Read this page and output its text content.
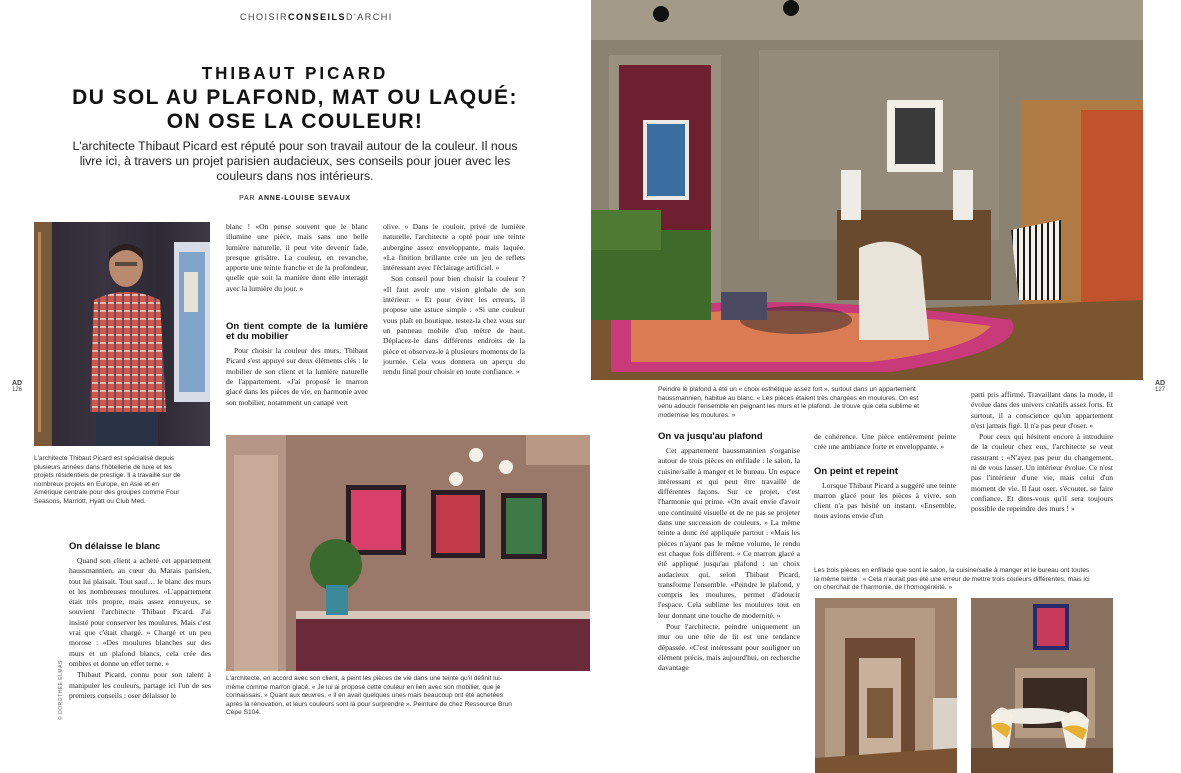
CHOISIRCONSEILSD'ARCHI
THIBAUT PICARD
DU SOL AU PLAFOND, MAT OU LAQUÉ:
ON OSE LA COULEUR!
L'architecte Thibaut Picard est réputé pour son travail autour de la couleur. Il nous livre ici, à travers un projet parisien audacieux, ses conseils pour jouer avec les couleurs dans nos intérieurs.
PAR ANNE-LOUISE SEVAUX
L'architecte Thibaut Picard est spécialisé depuis plusieurs années dans l'hôtellerie de luxe et les projets résidentiels de prestige. Il a travaillé sur de nombreux projets en Europe, en Asie et en Amérique centrale pour des groupes comme Four Seasons, Marriott, Hyatt ou Club Med.
On délaisse le blanc

Quand son client a acheté cet appartement haussmannien, au cœur du Marais parisien, tout lui plaisait. Tout sauf… le blanc des murs et les nombreuses moulures. «L'appartement était très propre, mais assez ennuyeux, se souvient l'architecte Thibaut Picard. J'ai insisté pour conserver les moulures. Mais c'est vrai que c'était chargé. » Chargé et un peu morose : «Des moulures blanches sur des murs et un plafond blancs, cela crée des ombres et donne un effet terne. »

Thibaut Picard, connu pour son talent à manipuler les couleurs, partage ici l'un de ses premiers conseils : oser délaisser le

blanc ! «On pense souvent que le blanc illumine une pièce, mais sans une belle lumière naturelle, il peut vite devenir fade, presque grisâtre. La couleur, en revanche, apporte une teinte franche et de la profondeur, quelle que soit la manière dont elle interagit avec la lumière du jour. »

On tient compte de la lumière et du mobilier

Pour choisir la couleur des murs, Thibaut Picard s'est appuyé sur deux éléments clés : le mobilier de son client et la lumière naturelle de l'appartement. «J'ai proposé le marron glacé dans les pièces de vie, en harmonie avec son mobilier, notamment un canapé vert

olive. » Dans le couloir, privé de lumière naturelle, l'architecte a opté pour une teinte aubergine assez enveloppante, mais laquée. «La finition brillante crée un jeu de reflets intéressant avec l'éclairage artificiel. »

Son conseil pour bien choisir la couleur ? «Il faut avoir une vision globale de son intérieur. » Et pour éviter les erreurs, il propose une astuce simple : «Si une couleur vous plaît en boutique, testez-la chez vous sur un panneau mobile d'un mètre de haut. Déplacez-le dans différents endroits de la pièce et observez-le à plusieurs moments de la journée. Cela vous donnera un aperçu du rendu final pour choisir en toute confiance. »

L'architecte, en accord avec son client, a peint les pièces de vie dans une teinte qu'il définit lui-même comme marron glacé. « Je lui ai proposé cette couleur en lien avec son mobilier, que je connaissais. » Quant aux œuvres, « il en avait quelques unes mais beaucoup ont été achetées après la rénovation, et leurs couleurs sont là pour surprendre ». Peinture de chez Ressource Brun Cèpe S104.
AD
126
© DOROTHÉE ELMAS
Peindre le plafond a été un « choix esthétique assez fort », surtout dans un appartement haussmannien, habitué au blanc. « Les pièces étaient très chargées en moulures. On est venu adoucir l'ensemble en peignant les murs et le plafond. Je trouve que cela sublime et modernise les moulures. »
On va jusqu'au plafond

Cet appartement haussmannien s'organise autour de trois pièces en enfilade : le salon, la cuisine/salle à manger et le bureau. Un espace intéressant et qui peut être travaillé de différentes façons. Sur ce projet, c'est l'harmonie qui prime. «On avait envie d'avoir une continuité visuelle et de ne pas se projeter dans une succession de couleurs. » La même teinte a donc été appliquée partout : «Mais les pièces n'ayant pas le même volume, le rendu est chaque fois différent. » Ce marron glacé a été appliqué jusqu'au plafond : un choix audacieux qui, selon Thibaut Picard, transforme l'ensemble. «Peindre le plafond, y compris les moulures, permet d'adoucir l'espace. Cela sublime les moulures tout en leur donnant une touche de modernité. »

Pour l'architecte, peindre uniquement un mur ou une tête de lit est une tendance dépassée. «C'est intéressant pour souligner un élément précis, mais aujourd'hui, on recherche davantage

de cohérence. Une pièce entièrement peinte crée une ambiance forte et enveloppante. »

On peint et repeint

Lorsque Thibaut Picard a suggéré une teinte marron glacé pour les pièces à vivre, son client n'a pas hésité un instant. «Ensemble, nous avions envie d'un

parti pris affirmé. Travaillant dans la mode, il évolue dans des univers créatifs assez forts. Et surtout, il a conscience qu'un appartement n'est jamais figé. Il n'a pas peur d'oser. »

Pour ceux qui hésitent encore à introduire de la couleur chez eux, l'architecte se veut rassurant : «N'ayez pas peur du changement, ni de vous lasser. Un intérieur évolue. Ce n'est pas l'intérieur d'une vie, mais celui d'un moment de vie. Il faut oser, s'écouter, se faire confiance. Et dites-vous qu'il sera toujours possible de repeindre des murs ! »

Les trois pièces en enfilade que sont le salon, la cuisine/salle à manger et le bureau ont toutes la même teinte : « Cela n'aurait pas été une erreur de mettre trois couleurs différentes, mais ici on cherchait de l'harmonie, de l'homogénéité. »
AD
127
